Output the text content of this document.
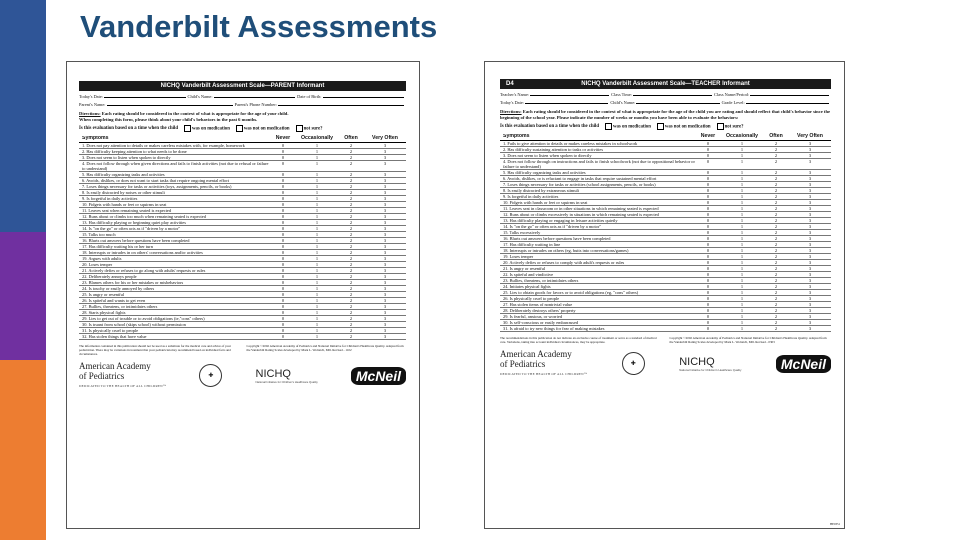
Vanderbilt Assessments
NICHQ Vanderbilt Assessment Scale—PARENT Informant
Today's Date:	Child's Name:	Date of Birth:
Parent's Name:	Parent's Phone Number:
Directions: Each rating should be considered in the context of what is appropriate for the age of your child.
When completing this form, please think about your child's behaviors in the past 6 months.
Is this evaluation based on a time when the child	was on medication	was not on medication	not sure?
Symptoms	Never	Occasionally	Often	Very Often
1. Does not pay attention to details or makes careless mistakes with, for example, homework	0	1	2	3
2. Has difficulty keeping attention to what needs to be done	0	1	2	3
3. Does not seem to listen when spoken to directly	0	1	2	3
4. Does not follow through when given directions and fails to finish activities (not due to refusal or failure to understand)
0	1	2	3
5. Has difficulty organizing tasks and activities	0	1	2	3
6. Avoids, dislikes, or does not want to start tasks that require ongoing mental effort	0	1	2	3
7. Loses things necessary for tasks or activities (toys, assignments, pencils, or books)	0	1	2	3
8. Is easily distracted by noises or other stimuli	0	1	2	3
9. Is forgetful in daily activities	0	1	2	3
10. Fidgets with hands or feet or squirms in seat	0	1	2	3
11. Leaves seat when remaining seated is expected	0	1	2	3
12. Runs about or climbs too much when remaining seated is expected	0	1	2	3
13. Has difficulty playing or beginning quiet play activities	0	1	2	3
14. Is "on the go" or often acts as if "driven by a motor"	0	1	2	3
15. Talks too much	0	1	2	3
16. Blurts out answers before questions have been completed	0	1	2	3
17. Has difficulty waiting his or her turn	0	1	2	3
18. Interrupts or intrudes in on others' conversations and/or activities	0	1	2	3
19. Argues with adults	0	1	2	3
20. Loses temper	0	1	2	3
21. Actively defies or refuses to go along with adults' requests or rules	0	1	2	3
22. Deliberately annoys people	0	1	2	3
23. Blames others for his or her mistakes or misbehaviors	0	1	2	3
24. Is touchy or easily annoyed by others	0	1	2	3
25. Is angry or resentful	0	1	2	3
26. Is spiteful and wants to get even	0	1	2	3
27. Bullies, threatens, or intimidates others	0	1	2	3
28. Starts physical fights	0	1	2	3
29. Lies to get out of trouble or to avoid obligations (ie,"cons" others)	0	1	2	3
30. Is truant from school (skips school) without permission	0	1	2	3
31. Is physically cruel to people	0	1	2	3
32. Has stolen things that have value	0	1	2	3
The information contained in this publication should not be used as a substitute for the medical care and advice of your pediatrician. There may be variations in treatment that your pediatrician may recommend based on individual facts and circumstances.
Copyright ©2002 American Academy of Pediatrics and National Initiative for Children's Healthcare Quality. Adapted from the Vanderbilt Rating Scales developed by Mark L. Wolraich, MD. Revised - 1102
American Academy
of Pediatrics
DEDICATED TO THE HEALTH OF ALL CHILDREN™
✚	NICHQ
National Initiative for Children's Healthcare Quality	McNeil
D4	NICHQ Vanderbilt Assessment Scale—TEACHER Informant
Teacher's Name:	Class Time:	Class Name/Period:
Today's Date:	Child's Name:	Grade Level:
Directions: Each rating should be considered in the context of what is appropriate for the age of the child you are rating and should reflect that child's behavior since the beginning of the school year. Please indicate the number of weeks or months you have been able to evaluate the behaviors:
Is this evaluation based on a time when the child	was on medication	was not on medication	not sure?
Symptoms	Never	Occasionally	Often	Very Often
1. Fails to give attention to details or makes careless mistakes in schoolwork	0	1	2	3
2. Has difficulty sustaining attention to tasks or activities	0	1	2	3
3. Does not seem to listen when spoken to directly	0	1	2	3
4. Does not follow through on instructions and fails to finish schoolwork (not due to oppositional behavior or failure to understand)
0	1	2	3
5. Has difficulty organizing tasks and activities	0	1	2	3
6. Avoids, dislikes, or is reluctant to engage in tasks that require sustained mental effort	0	1	2	3
7. Loses things necessary for tasks or activities (school assignments, pencils, or books)	0	1	2	3
8. Is easily distracted by extraneous stimuli	0	1	2	3
9. Is forgetful in daily activities	0	1	2	3
10. Fidgets with hands or feet or squirms in seat	0	1	2	3
11. Leaves seat in classroom or in other situations in which remaining seated is expected	0	1	2	3
12. Runs about or climbs excessively in situations in which remaining seated is expected	0	1	2	3
13. Has difficulty playing or engaging in leisure activities quietly	0	1	2	3
14. Is "on the go" or often acts as if "driven by a motor"	0	1	2	3
15. Talks excessively	0	1	2	3
16. Blurts out answers before questions have been completed	0	1	2	3
17. Has difficulty waiting in line	0	1	2	3
18. Interrupts or intrudes on others (eg, butts into conversations/games)	0	1	2	3
19. Loses temper	0	1	2	3
20. Actively defies or refuses to comply with adult's requests or rules	0	1	2	3
21. Is angry or resentful	0	1	2	3
22. Is spiteful and vindictive	0	1	2	3
23. Bullies, threatens, or intimidates others	0	1	2	3
24. Initiates physical fights	0	1	2	3
25. Lies to obtain goods for favors or to avoid obligations (eg, "cons" others)	0	1	2	3
26. Is physically cruel to people	0	1	2	3
27. Has stolen items of nontrivial value	0	1	2	3
28. Deliberately destroys others' property	0	1	2	3
29. Is fearful, anxious, or worried	0	1	2	3
30. Is self-conscious or easily embarrassed	0	1	2	3
31. Is afraid to try new things for fear of making mistakes	0	1	2	3
The recommendations in this publication do not indicate an exclusive course of treatment or serve as a standard of medical care. Variations, taking into account individual circumstances, may be appropriate.
Copyright ©2002 American Academy of Pediatrics and National Initiative for Children's Healthcare Quality. Adapted from the Vanderbilt Rating Scales developed by Mark L. Wolraich, MD. Revised - 0303
American Academy
of Pediatrics
DEDICATED TO THE HEALTH OF ALL CHILDREN™
✚	NICHQ
National Initiative for Children's Healthcare Quality	McNeil
HE0351
